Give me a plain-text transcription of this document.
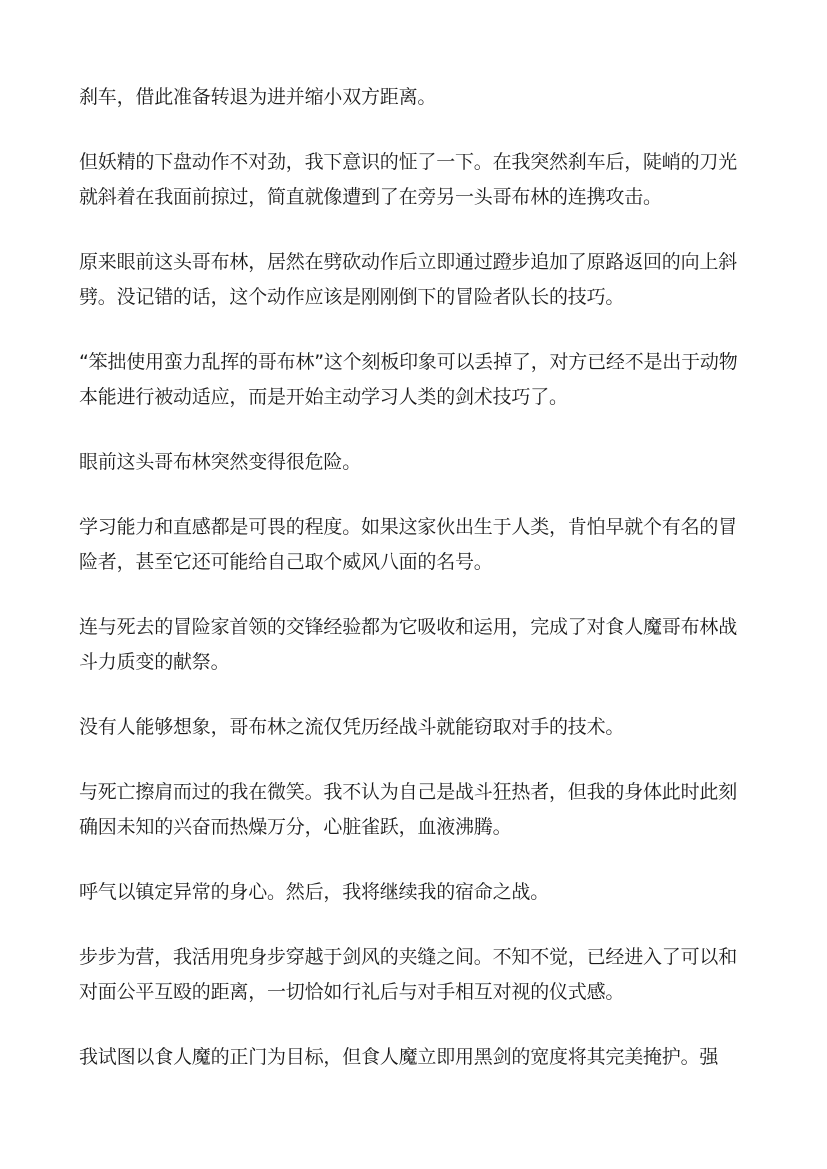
刹车，借此准备转退为进并缩小双方距离。

但妖精的下盘动作不对劲，我下意识的怔了一下。在我突然刹车后，陡峭的刀光就斜着在我面前掠过，简直就像遭到了在旁另一头哥布林的连携攻击。

原来眼前这头哥布林，居然在劈砍动作后立即通过蹬步追加了原路返回的向上斜劈。没记错的话，这个动作应该是刚刚倒下的冒险者队长的技巧。

“笨拙使用蛮力乱挥的哥布林”这个刻板印象可以丢掉了，对方已经不是出于动物本能进行被动适应，而是开始主动学习人类的剑术技巧了。

眼前这头哥布林突然变得很危险。

学习能力和直感都是可畏的程度。如果这家伙出生于人类，肯怕早就个有名的冒险者，甚至它还可能给自己取个威风八面的名号。

连与死去的冒险家首领的交锋经验都为它吸收和运用，完成了对食人魔哥布林战斗力质变的献祭。

没有人能够想象，哥布林之流仅凭历经战斗就能窃取对手的技术。

与死亡擦肩而过的我在微笑。我不认为自己是战斗狂热者，但我的身体此时此刻确因未知的兴奋而热燥万分，心脏雀跃，血液沸腾。

呼气以镇定异常的身心。然后，我将继续我的宿命之战。

步步为营，我活用兜身步穿越于剑风的夹缝之间。不知不觉，已经进入了可以和对面公平互殴的距离，一切恰如行礼后与对手相互对视的仪式感。

我试图以食人魔的正门为目标，但食人魔立即用黑剑的宽度将其完美掩护。强
